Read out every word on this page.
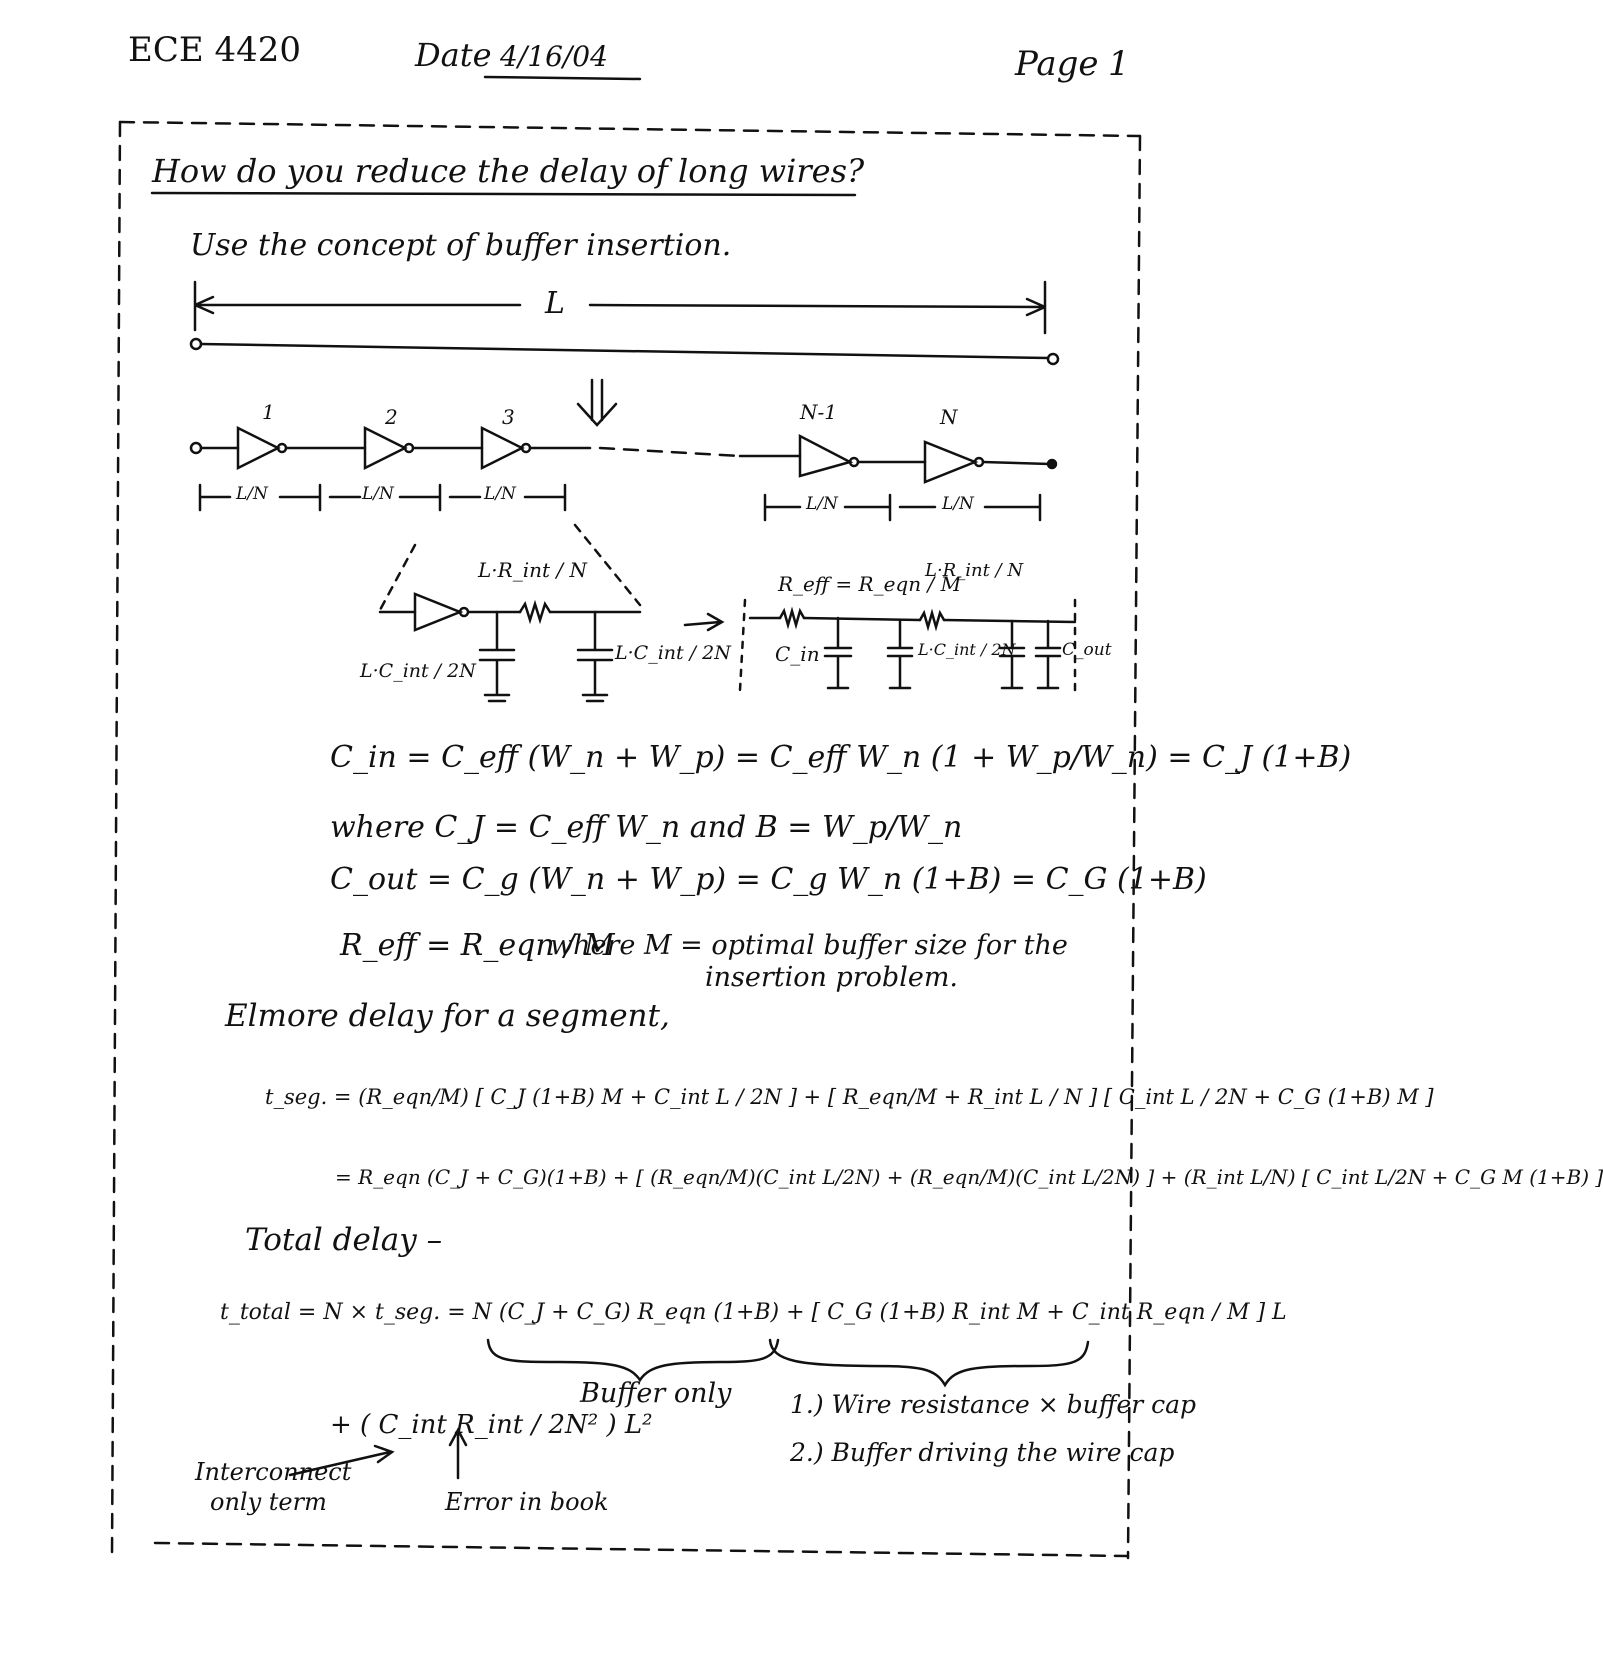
ECE 4420	Date 4/16/04	Page 1
How do you reduce the delay of long wires?
Use the concept of buffer insertion.
L
1	2	3	N-1	N
L/N	L/N	L/N	L/N	L/N
L·R_int / N
L·C_int / 2N
L·C_int / 2N
R_eff = R_eqn / M
L·R_int / N
C_in	L·C_int / 2N	C_out
C_in = C_eff (W_n + W_p) = C_eff W_n (1 + W_p/W_n) = C_J (1+B)
where C_J = C_eff W_n and B = W_p/W_n
C_out = C_g (W_n + W_p) = C_g W_n (1+B) = C_G (1+B)
R_eff = R_eqn / M
where M = optimal buffer size for the
insertion problem.
Elmore delay for a segment,
t_seg. = (R_eqn/M) [ C_J (1+B) M + C_int L / 2N ] + [ R_eqn/M + R_int L / N ] [ C_int L / 2N + C_G (1+B) M ]
= R_eqn (C_J + C_G)(1+B) + [ (R_eqn/M)(C_int L/2N) + (R_eqn/M)(C_int L/2N) ] + (R_int L/N) [ C_int L/2N + C_G M (1+B) ]
Total delay –
t_total = N × t_seg. = N (C_J + C_G) R_eqn (1+B) + [ C_G (1+B) R_int M + C_int R_eqn / M ] L
+ ( C_int R_int / 2N² ) L²
Buffer only
Interconnect
only term	Error in book
1.) Wire resistance × buffer cap
2.) Buffer driving the wire cap
